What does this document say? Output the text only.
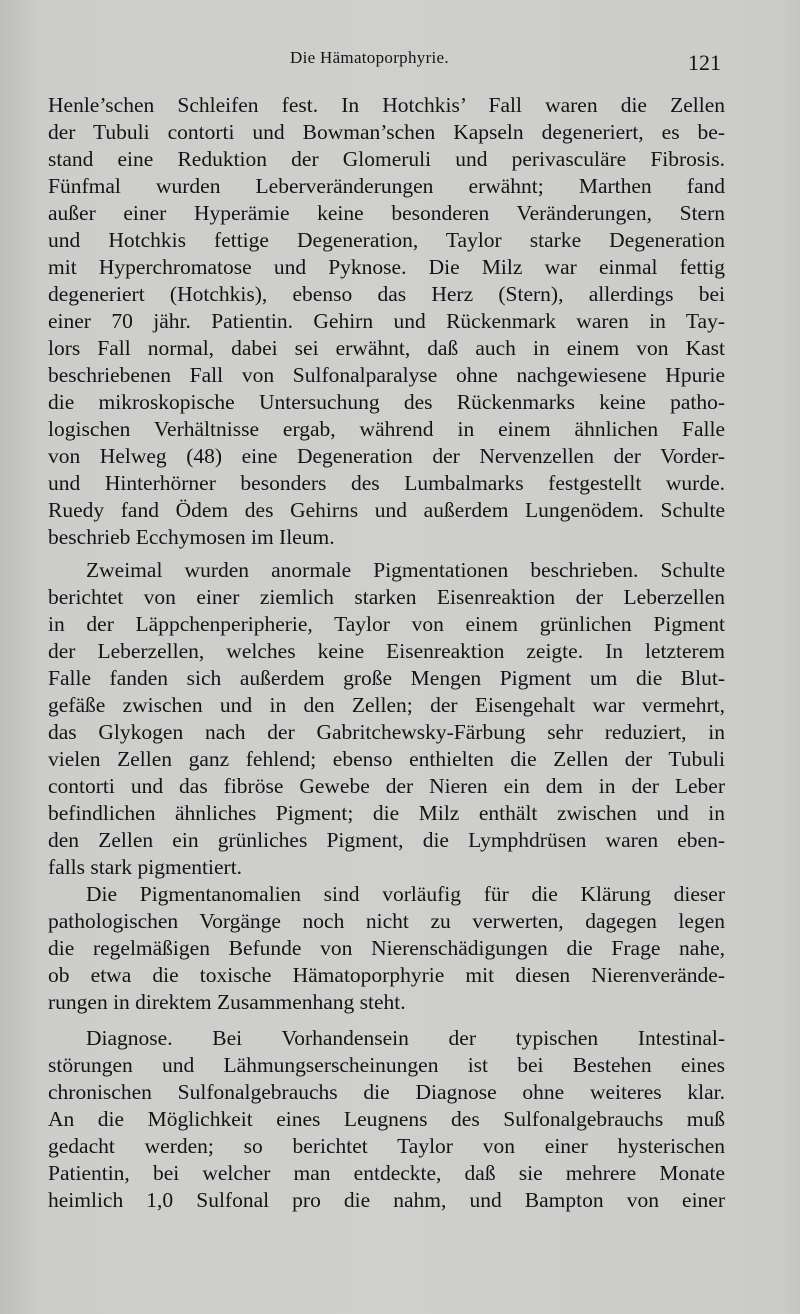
Die Hämatoporphyrie.	121
Henle’schen Schleifen fest. In Hotchkis’ Fall waren die Zellen
der Tubuli contorti und Bowman’schen Kapseln degeneriert, es be-
stand eine Reduktion der Glomeruli und perivasculäre Fibrosis.
Fünfmal wurden Leberveränderungen erwähnt; Marthen fand
außer einer Hyperämie keine besonderen Veränderungen, Stern
und Hotchkis fettige Degeneration, Taylor starke Degeneration
mit Hyperchromatose und Pyknose. Die Milz war einmal fettig
degeneriert (Hotchkis), ebenso das Herz (Stern), allerdings bei
einer 70 jähr. Patientin. Gehirn und Rückenmark waren in Tay-
lors Fall normal, dabei sei erwähnt, daß auch in einem von Kast
beschriebenen Fall von Sulfonalparalyse ohne nachgewiesene Hpurie
die mikroskopische Untersuchung des Rückenmarks keine patho-
logischen Verhältnisse ergab, während in einem ähnlichen Falle
von Helweg (48) eine Degeneration der Nervenzellen der Vorder-
und Hinterhörner besonders des Lumbalmarks festgestellt wurde.
Ruedy fand Ödem des Gehirns und außerdem Lungenödem. Schulte
beschrieb Ecchymosen im Ileum.
Zweimal wurden anormale Pigmentationen beschrieben. Schulte
berichtet von einer ziemlich starken Eisenreaktion der Leberzellen
in der Läppchenperipherie, Taylor von einem grünlichen Pigment
der Leberzellen, welches keine Eisenreaktion zeigte. In letzterem
Falle fanden sich außerdem große Mengen Pigment um die Blut-
gefäße zwischen und in den Zellen; der Eisengehalt war vermehrt,
das Glykogen nach der Gabritchewsky-Färbung sehr reduziert, in
vielen Zellen ganz fehlend; ebenso enthielten die Zellen der Tubuli
contorti und das fibröse Gewebe der Nieren ein dem in der Leber
befindlichen ähnliches Pigment; die Milz enthält zwischen und in
den Zellen ein grünliches Pigment, die Lymphdrüsen waren eben-
falls stark pigmentiert.
Die Pigmentanomalien sind vorläufig für die Klärung dieser
pathologischen Vorgänge noch nicht zu verwerten, dagegen legen
die regelmäßigen Befunde von Nierenschädigungen die Frage nahe,
ob etwa die toxische Hämatoporphyrie mit diesen Nierenverände-
rungen in direktem Zusammenhang steht.
Diagnose. Bei Vorhandensein der typischen Intestinal-
störungen und Lähmungserscheinungen ist bei Bestehen eines
chronischen Sulfonalgebrauchs die Diagnose ohne weiteres klar.
An die Möglichkeit eines Leugnens des Sulfonalgebrauchs muß
gedacht werden; so berichtet Taylor von einer hysterischen
Patientin, bei welcher man entdeckte, daß sie mehrere Monate
heimlich 1,0 Sulfonal pro die nahm, und Bampton von einer
